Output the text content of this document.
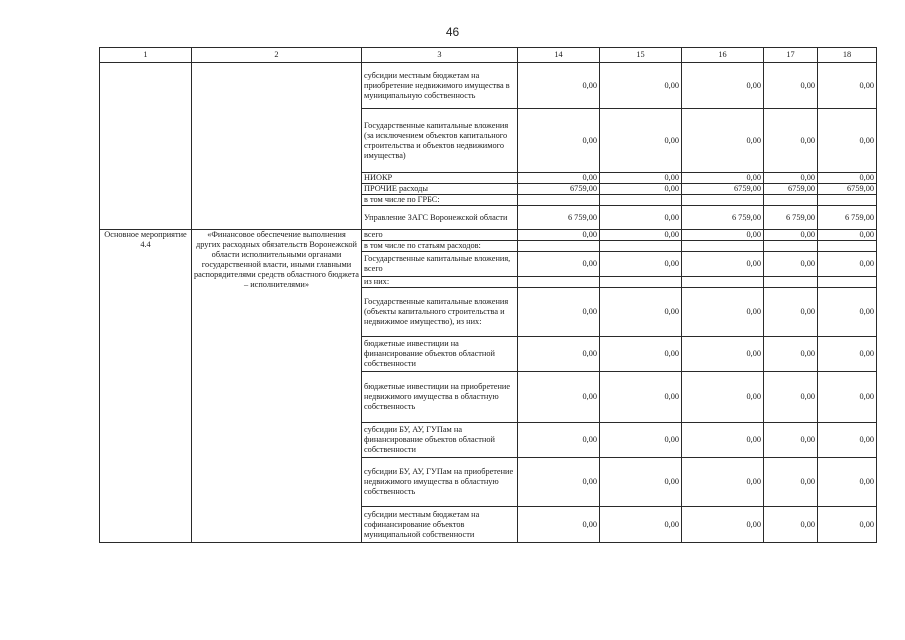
46
1	2	3	14	15	16	17	18
		субсидии местным бюджетам на приобретение недвижимого имущества в муниципальную собственность	0,00	0,00	0,00	0,00	0,00
		Государственные капитальные вложения (за исключением объектов капитального строительства и объектов недвижимого имущества)	0,00	0,00	0,00	0,00	0,00
		НИОКР	0,00	0,00	0,00	0,00	0,00
		ПРОЧИЕ расходы	6759,00	0,00	6759,00	6759,00	6759,00
		в том числе по ГРБС:					
		Управление ЗАГС Воронежской области	6 759,00	0,00	6 759,00	6 759,00	6 759,00
Основное мероприятие 4.4	«Финансовое обеспечение выполнения других расходных обязательств Воронежской области исполнительными органами государственной власти, иными главными распорядителями средств областного бюджета – исполнителями»	всего	0,00	0,00	0,00	0,00	0,00
		в том числе по статьям расходов:					
		Государственные капитальные вложения, всего	0,00	0,00	0,00	0,00	0,00
		из них:					
		Государственные капитальные вложения (объекты капитального строительства и недвижимое имущество), из них:	0,00	0,00	0,00	0,00	0,00
		бюджетные инвестиции на финансирование объектов областной собственности	0,00	0,00	0,00	0,00	0,00
		бюджетные инвестиции на приобретение недвижимого имущества в областную собственность	0,00	0,00	0,00	0,00	0,00
		субсидии БУ, АУ, ГУПам на финансирование объектов областной собственности	0,00	0,00	0,00	0,00	0,00
		субсидии БУ, АУ, ГУПам на приобретение недвижимого имущества в областную собственность	0,00	0,00	0,00	0,00	0,00
		субсидии местным бюджетам на софинансирование объектов муниципальной собственности	0,00	0,00	0,00	0,00	0,00
